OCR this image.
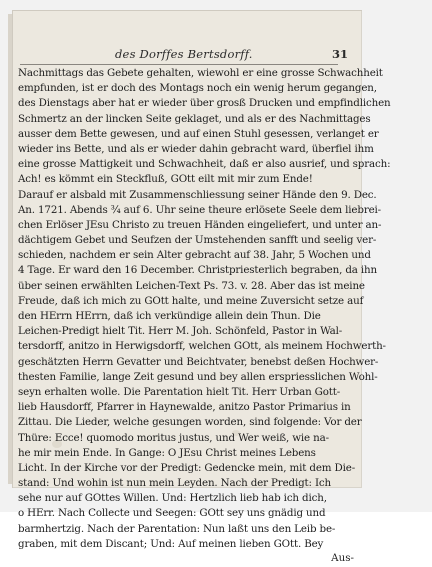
des Dorffes Bertsdorff.	31
Nachmittags das Gebete gehalten, wiewohl er eine grosse Schwachheit
empfunden, ist er doch des Montags noch ein wenig herum gegangen,
des Dienstags aber hat er wieder über grosß Drucken und empfindlichen
Schmertz an der lincken Seite geklaget, und als er des Nachmittages
ausser dem Bette gewesen, und auf einen Stuhl gesessen, verlanget er
wieder ins Bette, und als er wieder dahin gebracht ward, überfiel ihm
eine grosse Mattigkeit und Schwachheit, daß er also ausrief, und sprach:
Ach! es kömmt ein Steckfluß, GOtt eilt mit mir zum Ende!
Darauf er alsbald mit Zusammenschliessung seiner Hände den 9. Dec.
An. 1721. Abends ¾ auf 6. Uhr seine theure erlösete Seele dem liebrei-
chen Erlöser JEsu Christo zu treuen Händen eingeliefert, und unter an-
dächtigem Gebet und Seufzen der Umstehenden sanfft und seelig ver-
schieden, nachdem er sein Alter gebracht auf 38. Jahr, 5 Wochen und
4 Tage. Er ward den 16 December. Christpriesterlich begraben, da ihn
über seinen erwählten Leichen-Text Ps. 73. v. 28. Aber das ist meine
Freude, daß ich mich zu GOtt halte, und meine Zuversicht setze auf
den HErrn HErrn, daß ich verkündige allein dein Thun. Die
Leichen-Predigt hielt Tit. Herr M. Joh. Schönfeld, Pastor in Wal-
tersdorff, anitzo in Herwigsdorff, welchen GOtt, als meinem Hochwerth-
geschätzten Herrn Gevatter und Beichtvater, benebst deßen Hochwer-
thesten Familie, lange Zeit gesund und bey allen erspriesslichen Wohl-
seyn erhalten wolle. Die Parentation hielt Tit. Herr Urban Gott-
lieb Hausdorff, Pfarrer in Haynewalde, anitzo Pastor Primarius in
Zittau. Die Lieder, welche gesungen worden, sind folgende: Vor der
Thüre: Ecce! quomodo moritus justus, und Wer weiß, wie na-
he mir mein Ende. In Gange: O JEsu Christ meines Lebens
Licht. In der Kirche vor der Predigt: Gedencke mein, mit dem Die-
stand: Und wohin ist nun mein Leyden. Nach der Predigt: Ich
sehe nur auf GOttes Willen. Und: Hertzlich lieb hab ich dich,
o HErr. Nach Collecte und Seegen: GOtt sey uns gnädig und
barmhertzig. Nach der Parentation: Nun laßt uns den Leib be-
graben, mit dem Discant; Und: Auf meinen lieben GOtt. Bey
Aus-
